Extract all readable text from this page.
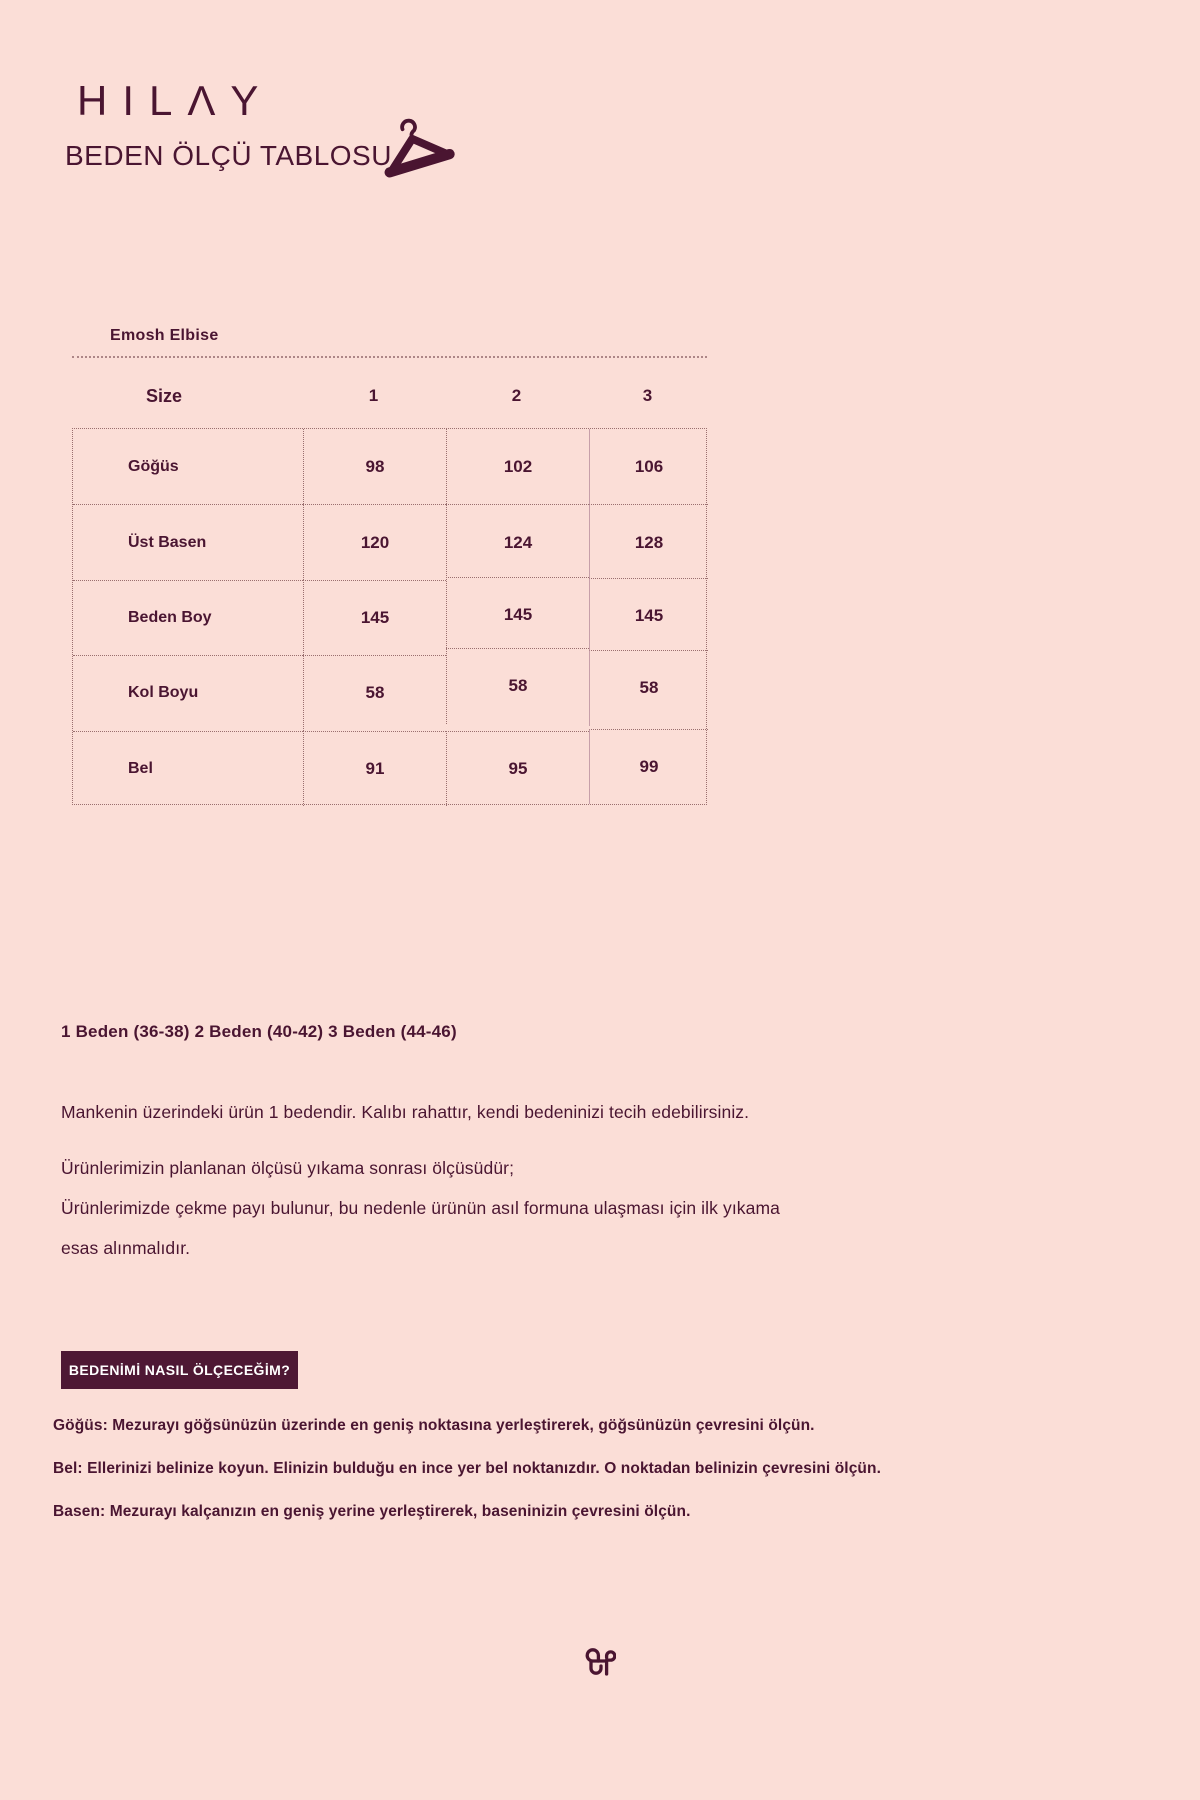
HILΛY
BEDEN ÖLÇÜ TABLOSU
Emosh Elbise
Size	1	2	3
Göğüs	98	102	106
Üst Basen	120	124	128
Beden Boy	145	145	145
Kol Boyu	58	58	58
Bel	91	95	99

1 Beden (36-38) 2 Beden (40-42) 3 Beden (44-46)

Mankenin üzerindeki ürün 1 bedendir. Kalıbı rahattır, kendi bedeninizi tecih edebilirsiniz.

Ürünlerimizin planlanan ölçüsü yıkama sonrası ölçüsüdür;
Ürünlerimizde çekme payı bulunur, bu nedenle ürünün asıl formuna ulaşması için ilk yıkama
esas alınmalıdır.

BEDENİMİ NASIL ÖLÇECEĞİM?

Göğüs: Mezurayı göğsünüzün üzerinde en geniş noktasına yerleştirerek, göğsünüzün çevresini ölçün.

Bel: Ellerinizi belinize koyun. Elinizin bulduğu en ince yer bel noktanızdır. O noktadan belinizin çevresini ölçün.

Basen: Mezurayı kalçanızın en geniş yerine yerleştirerek, baseninizin çevresini ölçün.
